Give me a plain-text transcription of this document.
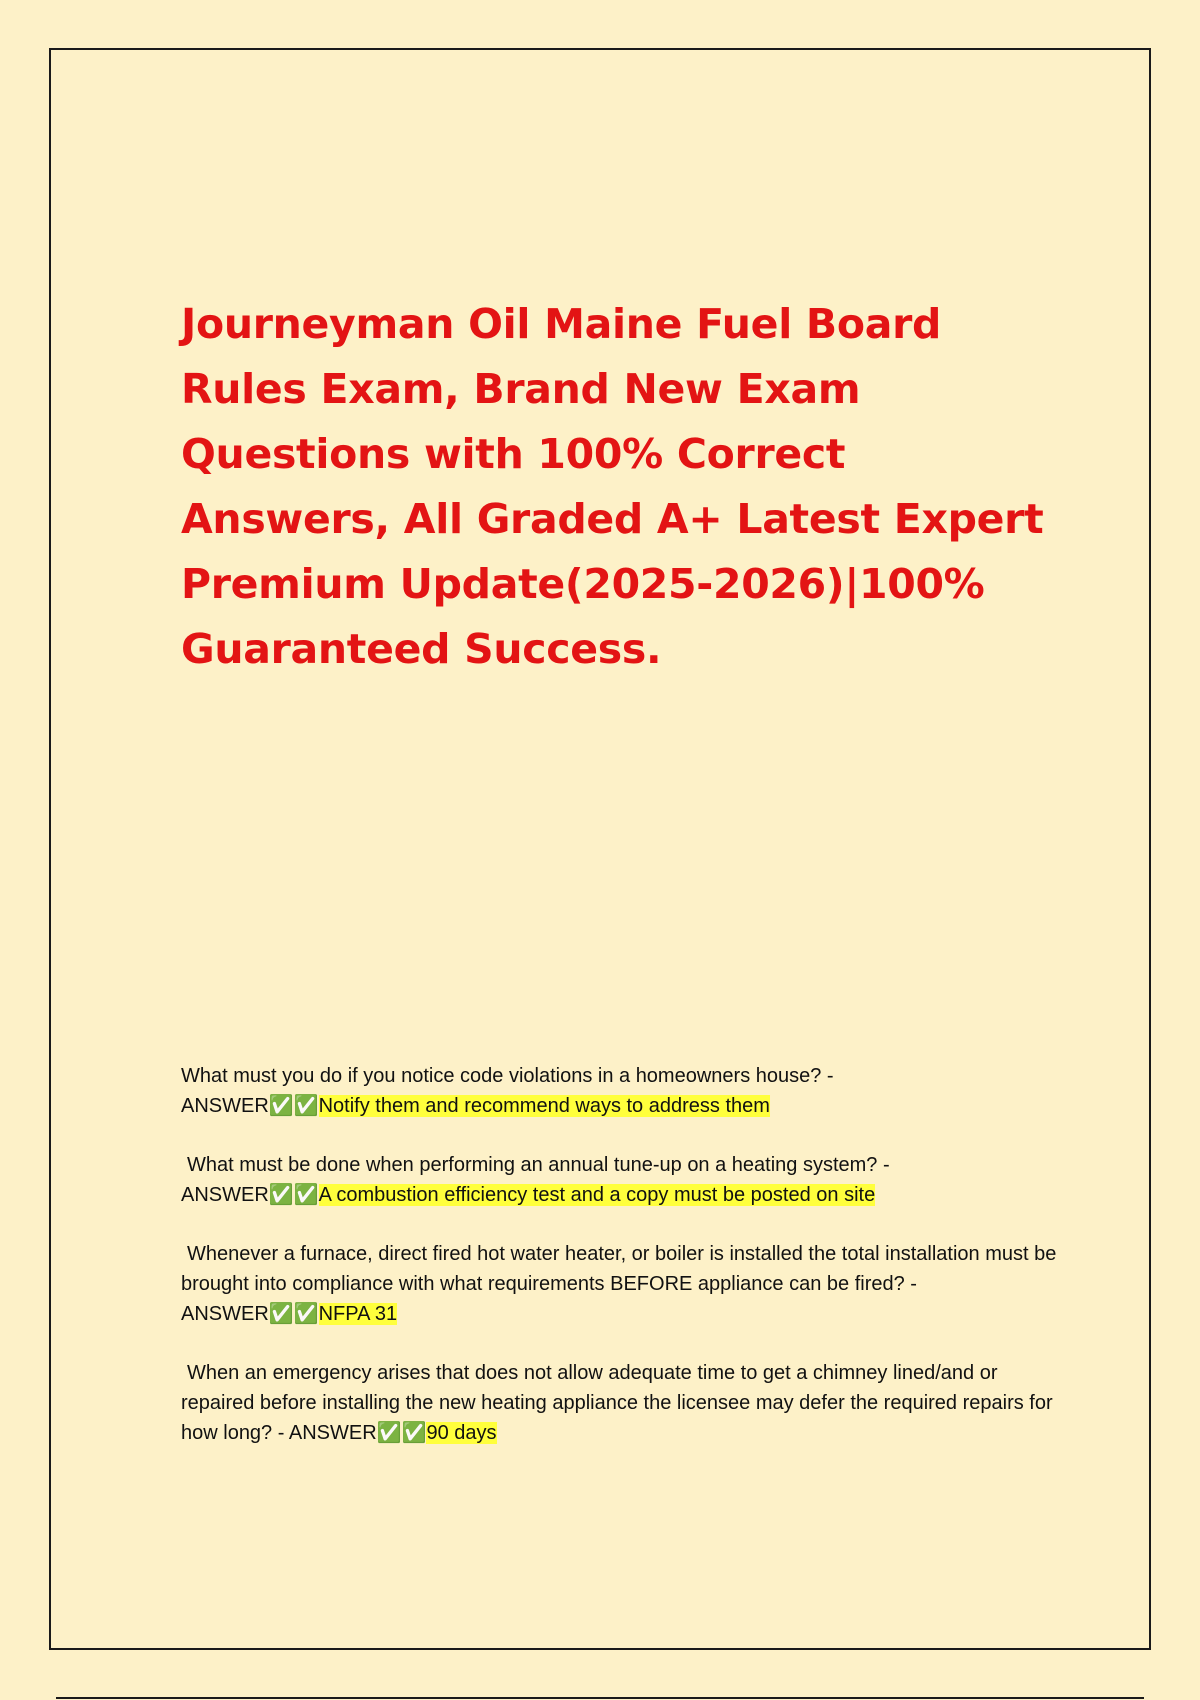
Journeyman Oil Maine Fuel Board Rules Exam, Brand New Exam Questions with 100% Correct Answers, All Graded A+ Latest Expert Premium Update(2025-2026)|100% Guaranteed Success.
What must you do if you notice code violations in a homeowners house? -
ANSWER✅✅Notify them and recommend ways to address them
What must be done when performing an annual tune-up on a heating system? -
ANSWER✅✅A combustion efficiency test and a copy must be posted on site
Whenever a furnace, direct fired hot water heater, or boiler is installed the total installation must be brought into compliance with what requirements BEFORE appliance can be fired? - ANSWER✅✅NFPA 31
When an emergency arises that does not allow adequate time to get a chimney lined/and or repaired before installing the new heating appliance the licensee may defer the required repairs for how long? - ANSWER✅✅90 days
